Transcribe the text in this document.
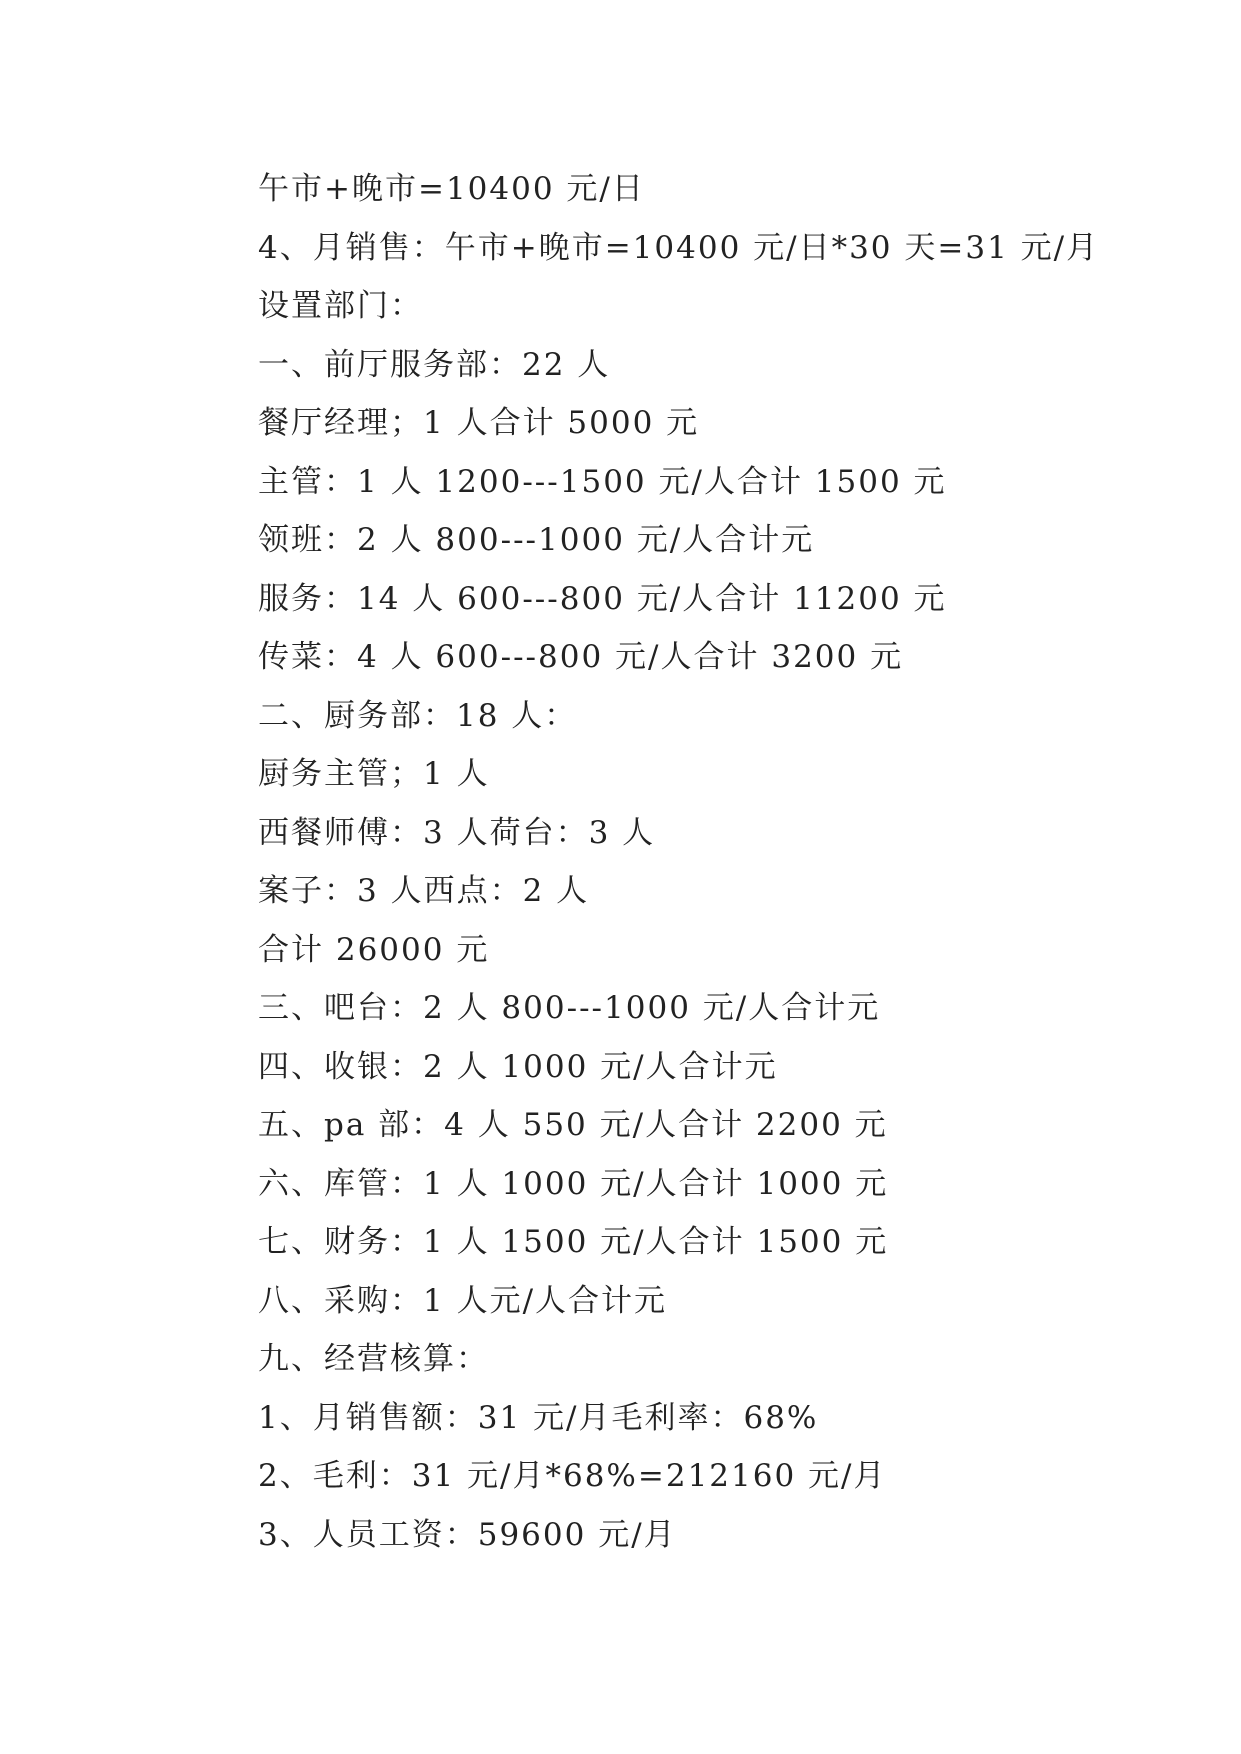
午市+晚市=10400 元/日
4、月销售：午市+晚市=10400 元/日*30 天=31 元/月
设置部门：
一、前厅服务部：22 人
餐厅经理；1 人合计 5000 元
主管：1 人 1200---1500 元/人合计 1500 元
领班：2 人 800---1000 元/人合计元
服务：14 人 600---800 元/人合计 11200 元
传菜：4 人 600---800 元/人合计 3200 元
二、厨务部：18 人：
厨务主管；1 人
西餐师傅：3 人荷台：3 人
案子：3 人西点：2 人
合计 26000 元
三、吧台：2 人 800---1000 元/人合计元
四、收银：2 人 1000 元/人合计元
五、pa 部：4 人 550 元/人合计 2200 元
六、库管：1 人 1000 元/人合计 1000 元
七、财务：1 人 1500 元/人合计 1500 元
八、采购：1 人元/人合计元
九、经营核算：
1、月销售额：31 元/月毛利率：68%
2、毛利：31 元/月*68%=212160 元/月
3、人员工资：59600 元/月
